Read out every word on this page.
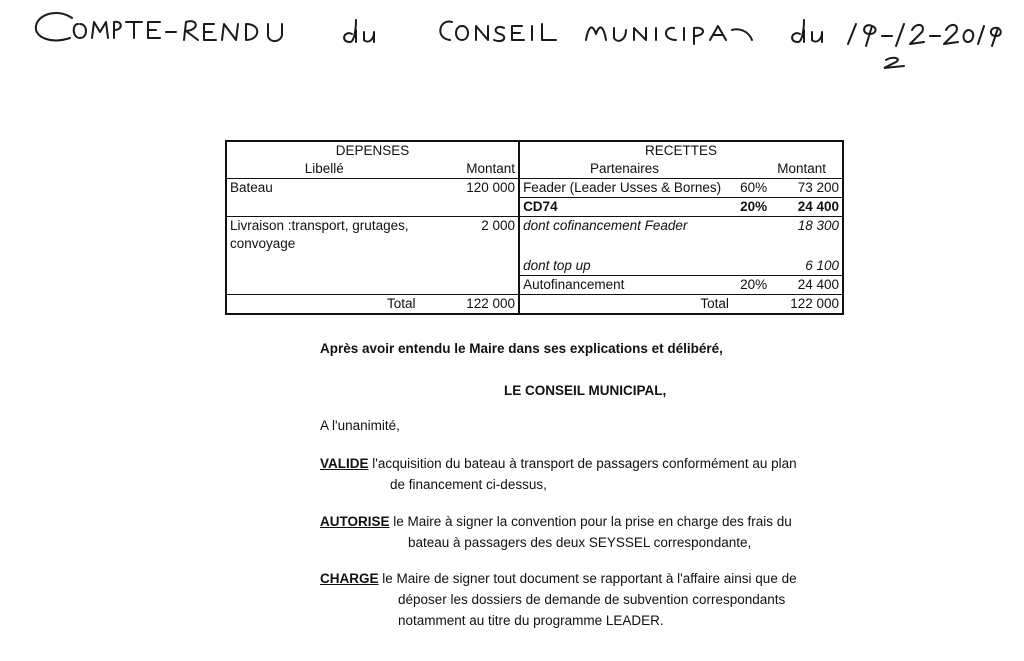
DEPENSES		RECETTES		
Libellé	Montant	Partenaires	Montant	
Bateau	120 000	Feader (Leader Usses & Bornes)	60%	73 200
		CD74	20%	24 400
Livraison :transport, grutages, convoyage	2 000	dont cofinancement Feader		18 300
		dont top up		6 100
		Autofinancement	20%	24 400
Total	122 000	Total		122 000
Après avoir entendu le Maire dans ses explications et délibéré,
LE CONSEIL MUNICIPAL,
A l'unanimité,
VALIDE l'acquisition du bateau à transport de passagers conformément au plan
de financement ci-dessus,
AUTORISE le Maire à signer la convention pour la prise en charge des frais du
bateau à passagers des deux SEYSSEL correspondante,
CHARGE le Maire de signer tout document se rapportant à l'affaire ainsi que de
déposer les dossiers de demande de subvention correspondants
notamment au titre du programme LEADER.
